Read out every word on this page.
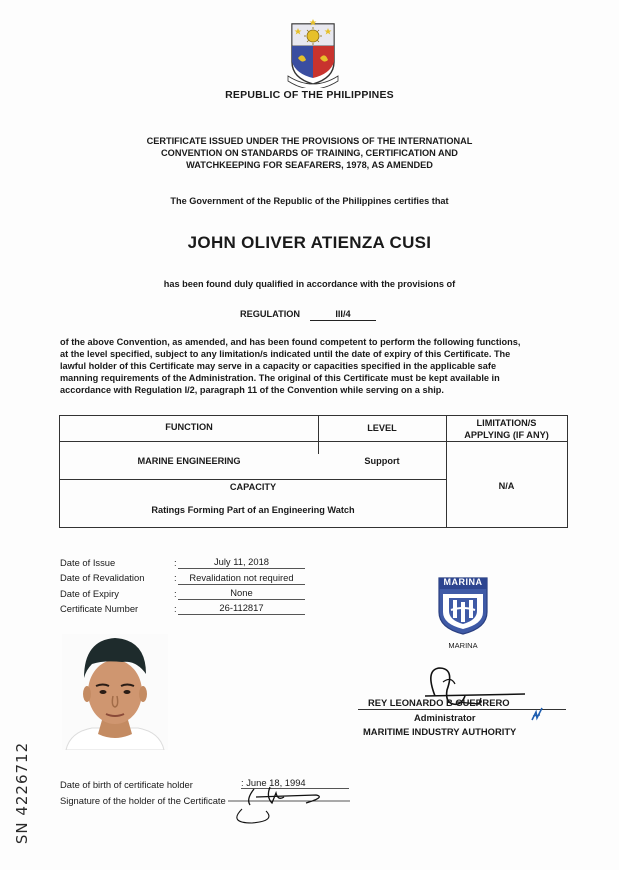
REPUBLIC OF THE PHILIPPINES
CERTIFICATE ISSUED UNDER THE PROVISIONS OF THE INTERNATIONAL
CONVENTION ON STANDARDS OF TRAINING, CERTIFICATION AND
WATCHKEEPING FOR SEAFARERS, 1978, AS AMENDED
The Government of the Republic of the Philippines certifies that
JOHN OLIVER ATIENZA CUSI
has been found duly qualified in accordance with the provisions of
REGULATION	III/4
of the above Convention, as amended, and has been found competent to perform the following functions,
at the level specified, subject to any limitation/s indicated until the date of expiry of this Certificate. The
lawful holder of this Certificate may serve in a capacity or capacities specified in the applicable safe
manning requirements of the Administration. The original of this Certificate must be kept available in
accordance with Regulation I/2, paragraph 11 of the Convention while serving on a ship.
FUNCTION	LEVEL	LIMITATION/S
APPLYING (IF ANY)
MARINE ENGINEERING	Support
CAPACITY
Ratings Forming Part of an Engineering Watch
N/A
Date of Issue	:	July 11, 2018
Date of Revalidation	:	Revalidation not required
Date of Expiry	:	None
Certificate Number	:	26-112817
MARINA
MARINA
REY LEONARDO B GUERRERO
Administrator
MARITIME INDUSTRY AUTHORITY
Date of birth of certificate holder	: June 18, 1994
Signature of the holder of the Certificate
SN 4226712
